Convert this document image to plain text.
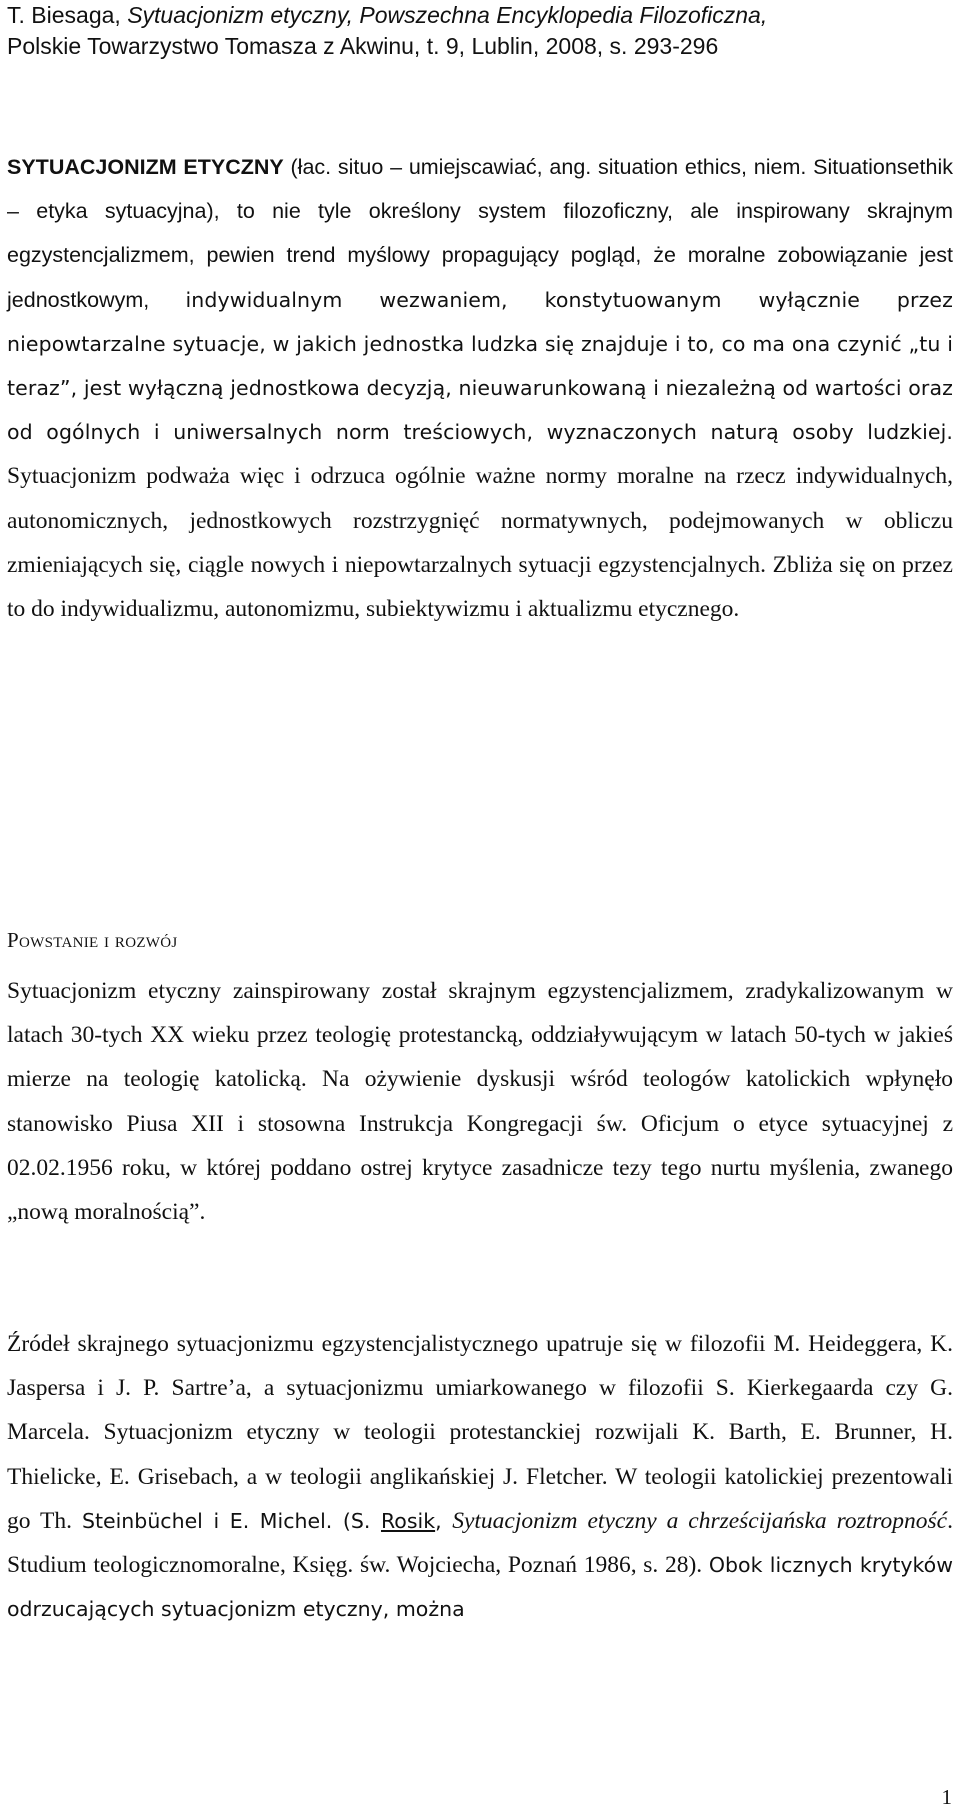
T. Biesaga, Sytuacjonizm etyczny, Powszechna Encyklopedia Filozoficzna,
Polskie Towarzystwo Tomasza z Akwinu, t. 9, Lublin, 2008, s. 293-296

SYTUACJONIZM ETYCZNY (łac. situo – umiejscawiać, ang. situation ethics, niem. Situationsethik – etyka sytuacyjna), to nie tyle określony system filozoficzny, ale inspirowany skrajnym egzystencjalizmem, pewien trend myślowy propagujący pogląd, że moralne zobowiązanie jest jednostkowym, indywidualnym wezwaniem, konstytuowanym wyłącznie przez niepowtarzalne sytuacje, w jakich jednostka ludzka się znajduje i to, co ma ona czynić „tu i teraz”, jest wyłączną jednostkowa decyzją, nieuwarunkowaną i niezależną od wartości oraz od ogólnych i uniwersalnych norm treściowych, wyznaczonych naturą osoby ludzkiej. Sytuacjonizm podważa więc i odrzuca ogólnie ważne normy moralne na rzecz indywidualnych, autonomicznych, jednostkowych rozstrzygnięć normatywnych, podejmowanych w obliczu zmieniających się, ciągle nowych i niepowtarzalnych sytuacji egzystencjalnych. Zbliża się on przez to do indywidualizmu, autonomizmu, subiektywizmu i aktualizmu etycznego.

Powstanie i rozwój

Sytuacjonizm etyczny zainspirowany został skrajnym egzystencjalizmem, zradykalizowanym w latach 30-tych XX wieku przez teologię protestancką, oddziaływującym w latach 50-tych w jakieś mierze na teologię katolicką. Na ożywienie dyskusji wśród teologów katolickich wpłynęło stanowisko Piusa XII i stosowna Instrukcja Kongregacji św. Oficjum o etyce sytuacyjnej z 02.02.1956 roku, w której poddano ostrej krytyce zasadnicze tezy tego nurtu myślenia, zwanego „nową moralnością”.

Źródeł skrajnego sytuacjonizmu egzystencjalistycznego upatruje się w filozofii M. Heideggera, K. Jaspersa i J. P. Sartre’a, a sytuacjonizmu umiarkowanego w filozofii S. Kierkegaarda czy G. Marcela. Sytuacjonizm etyczny w teologii protestanckiej rozwijali K. Barth, E. Brunner, H. Thielicke, E. Grisebach, a w teologii anglikańskiej J. Fletcher. W teologii katolickiej prezentowali go Th. Steinbüchel i E. Michel. (S. Rosik, Sytuacjonizm etyczny a chrześcijańska roztropność. Studium teologicznomoralne, Księg. św. Wojciecha, Poznań 1986, s. 28). Obok licznych krytyków odrzucających sytuacjonizm etyczny, można

1
